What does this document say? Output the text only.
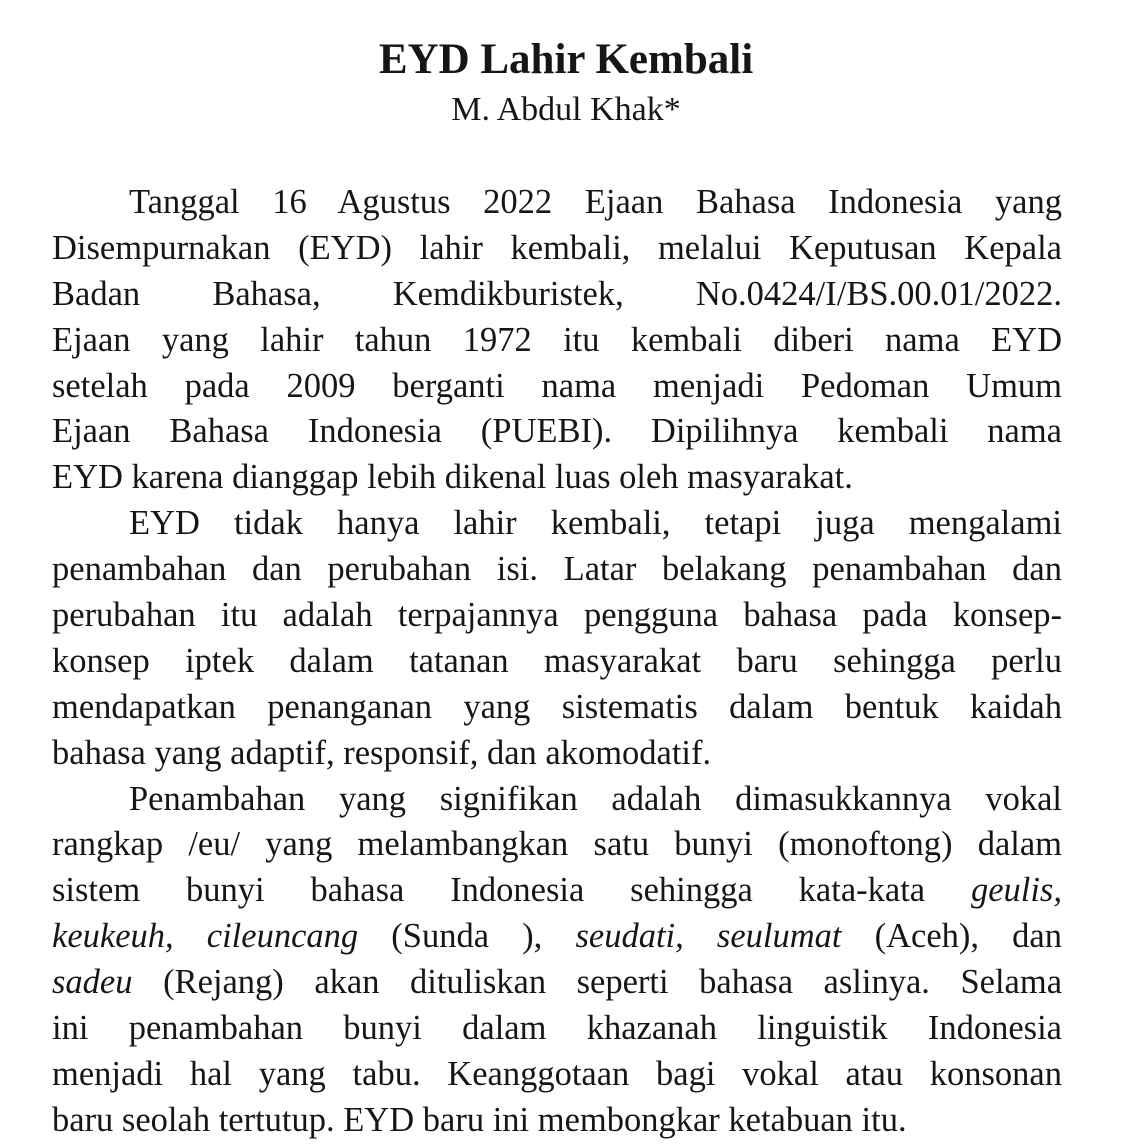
EYD Lahir Kembali
M. Abdul Khak*
Tanggal 16 Agustus 2022 Ejaan Bahasa Indonesia yang
Disempurnakan (EYD) lahir kembali, melalui Keputusan Kepala
Badan Bahasa, Kemdikburistek, No.0424/I/BS.00.01/2022.
Ejaan yang lahir tahun 1972 itu kembali diberi nama EYD
setelah pada 2009 berganti nama menjadi Pedoman Umum
Ejaan Bahasa Indonesia (PUEBI). Dipilihnya kembali nama
EYD karena dianggap lebih dikenal luas oleh masyarakat.
EYD tidak hanya lahir kembali, tetapi juga mengalami
penambahan dan perubahan isi. Latar belakang penambahan dan
perubahan itu adalah terpajannya pengguna bahasa pada konsep-
konsep iptek dalam tatanan masyarakat baru sehingga perlu
mendapatkan penanganan yang sistematis dalam bentuk kaidah
bahasa yang adaptif, responsif, dan akomodatif.
Penambahan yang signifikan adalah dimasukkannya vokal
rangkap /eu/ yang melambangkan satu bunyi (monoftong) dalam
sistem bunyi bahasa Indonesia sehingga kata-kata geulis,
keukeuh, cileuncang (Sunda ), seudati, seulumat (Aceh), dan
sadeu (Rejang) akan dituliskan seperti bahasa aslinya. Selama
ini penambahan bunyi dalam khazanah linguistik Indonesia
menjadi hal yang tabu. Keanggotaan bagi vokal atau konsonan
baru seolah tertutup. EYD baru ini membongkar ketabuan itu.
